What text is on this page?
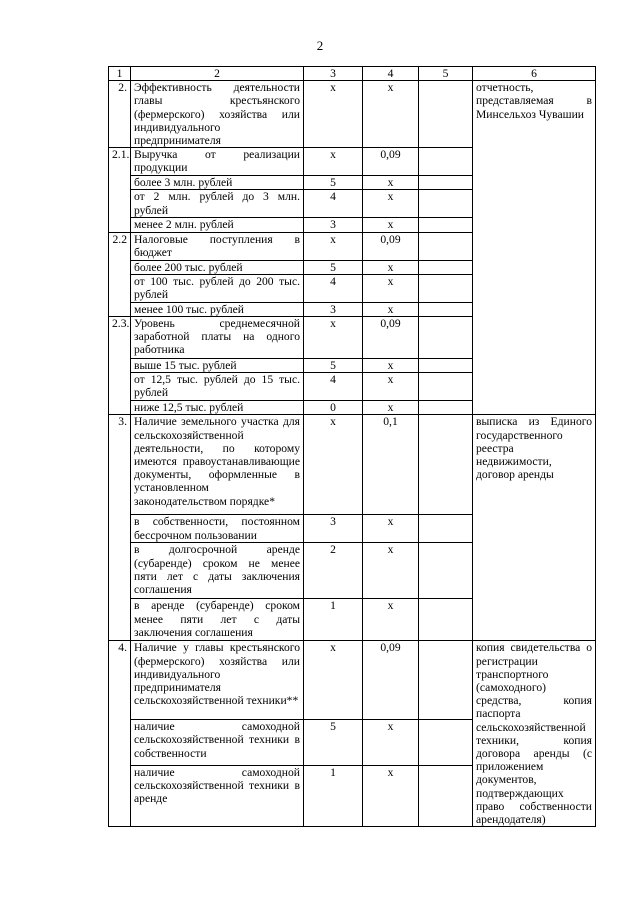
2
1	2	3	4	5	6
2.	Эффективность деятельности главы крестьянского (фермерского) хозяйства или индивидуального предпринимателя	х	х		отчетность, представляемая в Минсельхоз Чувашии
2.1.	Выручка от реализации продукции	х	0,09		
	более 3 млн. рублей	5	х		
	от 2 млн. рублей до 3 млн. рублей	4	х		
	менее 2 млн. рублей	3	х		
2.2	Налоговые поступления в бюджет	х	0,09		
	более 200 тыс. рублей	5	х		
	от 100 тыс. рублей до 200 тыс. рублей	4	х		
	менее 100 тыс. рублей	3	х		
2.3.	Уровень среднемесячной заработной платы на одного работника	х	0,09		
	выше 15 тыс. рублей	5	х		
	от 12,5 тыс. рублей до 15 тыс. рублей	4	х		
	ниже 12,5 тыс. рублей	0	х		
3.	Наличие земельного участка для сельскохозяйственной деятельности, по которому имеются правоустанавливающие документы, оформленные в установленном законодательством порядке*	х	0,1		выписка из Единого государственного реестра недвижимости, договор аренды
	в собственности, постоянном бессрочном пользовании	3	х		
	в долгосрочной аренде (субаренде) сроком не менее пяти лет с даты заключения соглашения	2	х		
	в аренде (субаренде) сроком менее пяти лет с даты заключения соглашения	1	х		
4.	Наличие у главы крестьянского (фермерского) хозяйства или индивидуального предпринимателя сельскохозяйственной техники**	х	0,09		копия свидетельства о регистрации транспортного (самоходного) средства, копия паспорта сельскохозяйственной техники, копия договора аренды (с приложением документов, подтверждающих право собственности арендодателя)
	наличие самоходной сельскохозяйственной техники в собственности	5	х		
	наличие самоходной сельскохозяйственной техники в аренде	1	х		
